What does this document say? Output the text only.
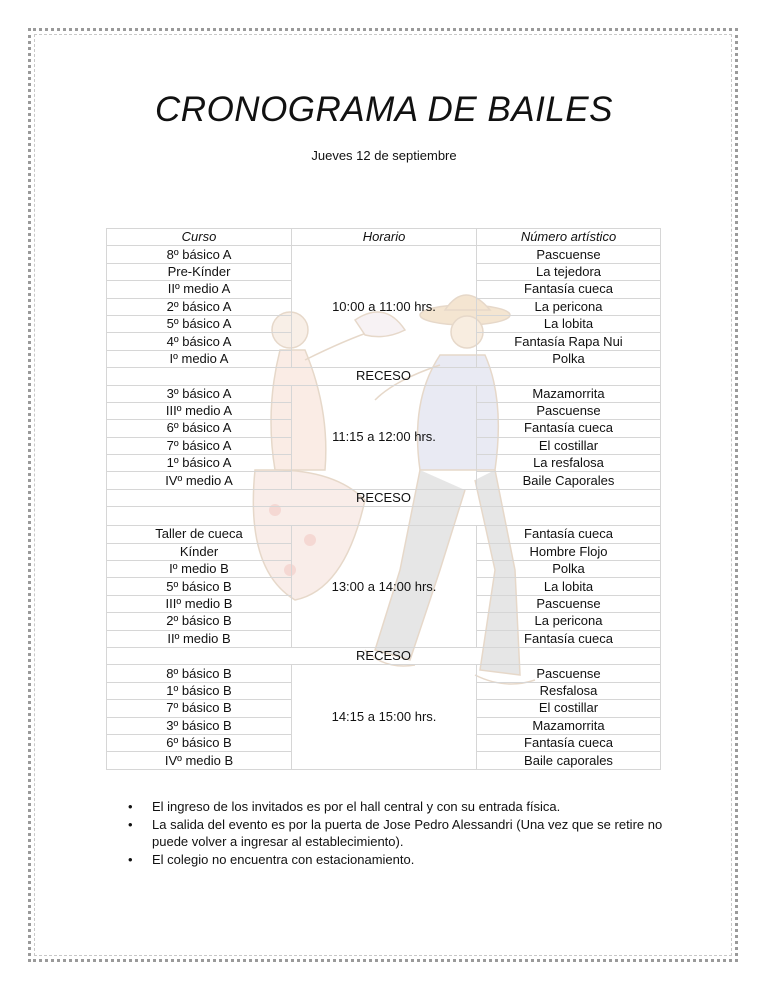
CRONOGRAMA DE BAILES
Jueves 12 de septiembre
Curso	Horario	Número artístico
8º básico A	10:00 a 11:00 hrs.	Pascuense
Pre-Kínder		La tejedora
IIº medio A		Fantasía cueca
2º básico A		La pericona
5º básico A		La lobita
4º básico A		Fantasía Rapa Nui
Iº medio A		Polka
RECESO		
3º básico A	11:15 a 12:00 hrs.	Mazamorrita
IIIº medio A		Pascuense
6º básico A		Fantasía cueca
7º básico A		El costillar
1º básico A		La resfalosa
IVº medio A		Baile Caporales
RECESO		

Taller de cueca	13:00 a 14:00 hrs.	Fantasía cueca
Kínder		Hombre Flojo
Iº medio B		Polka
5º básico B		La lobita
IIIº medio B		Pascuense
2º básico B		La pericona
IIº medio B		Fantasía cueca
RECESO		
8º básico B	14:15 a 15:00 hrs.	Pascuense
1º básico B		Resfalosa
7º básico B		El costillar
3º básico B		Mazamorrita
6º básico B		Fantasía cueca
IVº medio B		Baile caporales
• El ingreso de los invitados es por el hall central y con su entrada física.
• La salida del evento es por la puerta de Jose Pedro Alessandri (Una vez que se retire no puede volver a ingresar al establecimiento).
• El colegio no encuentra con estacionamiento.
